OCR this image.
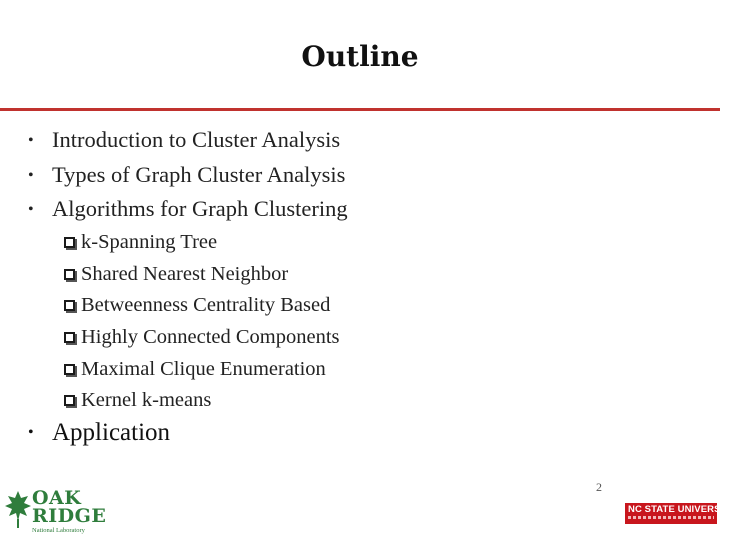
Outline
• Introduction to Cluster Analysis
• Types of Graph Cluster Analysis
• Algorithms for Graph Clustering
k-Spanning Tree
Shared Nearest Neighbor
Betweenness Centrality Based
Highly Connected Components
Maximal Clique Enumeration
Kernel k-means
• Application
OAK
RIDGE
National Laboratory
2
NC STATE UNIVERSITY
